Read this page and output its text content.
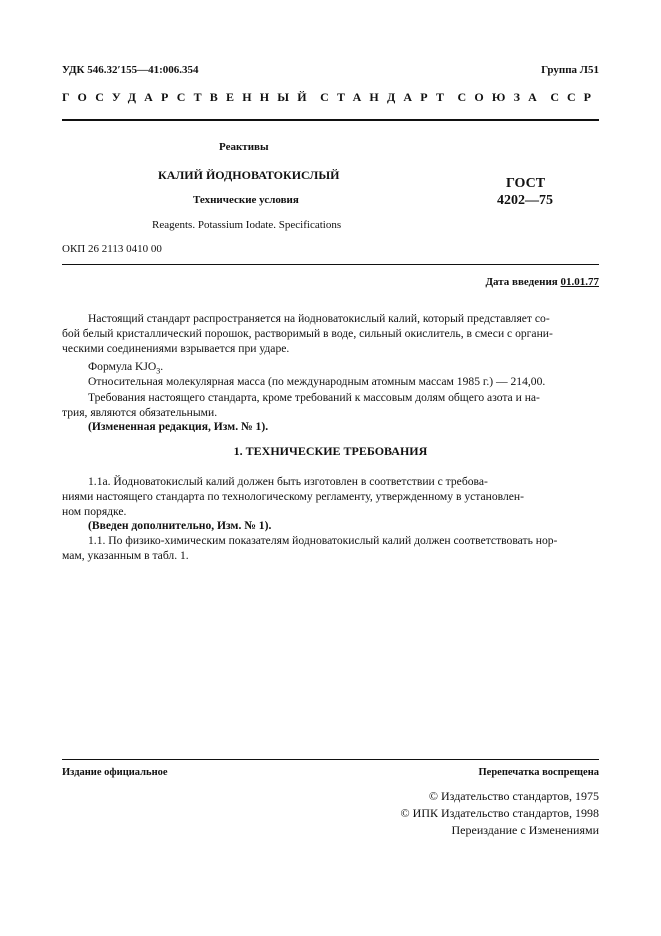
УДК 546.32ʹ155—41:006.354	Группа Л51
ГОСУДАРСТВЕННЫЙ СТАНДАРТ СОЮЗА ССР
Реактивы
КАЛИЙ ЙОДНОВАТОКИСЛЫЙ
Технические условия
Reagents. Potassium Iodate. Specifications
ОКП 26 2113 0410 00
ГОСТ
4202—75
Дата введения 01.01.77
Настоящий стандарт распространяется на йодноватокислый калий, который представляет со-
бой белый кристаллический порошок, растворимый в воде, сильный окислитель, в смеси с органи-
ческими соединениями взрывается при ударе.
Формула $KJO_3$.
Относительная молекулярная масса (по международным атомным массам 1985 г.) — 214,00.
Требования настоящего стандарта, кроме требований к массовым долям общего азота и на-
трия, являются обязательными.
(Измененная редакция, Изм. № 1).
1. ТЕХНИЧЕСКИЕ ТРЕБОВАНИЯ
1.1а. Йодноватокислый калий должен быть изготовлен в соответствии с требова-
ниями настоящего стандарта по технологическому регламенту, утвержденному в установлен-
ном порядке.
(Введен дополнительно, Изм. № 1).
1.1. По физико-химическим показателям йодноватокислый калий должен соответствовать нор-
мам, указанным в табл. 1.
Издание официальное	Перепечатка воспрещена
© Издательство стандартов, 1975
© ИПК Издательство стандартов, 1998
Переиздание с Изменениями
